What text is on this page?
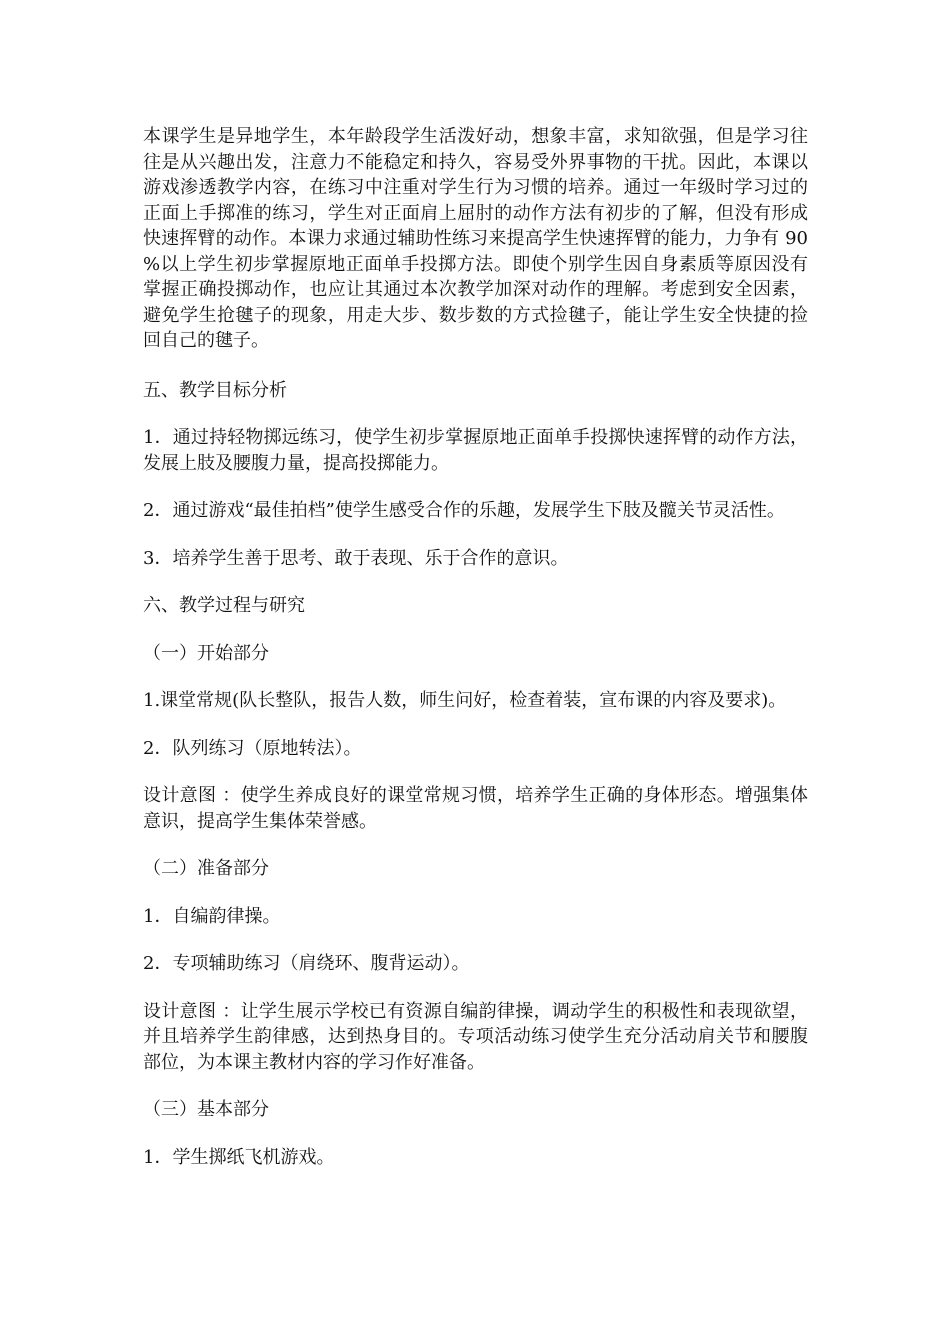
本课学生是异地学生，本年龄段学生活泼好动，想象丰富，求知欲强，但是学习往往是从兴趣出发，注意力不能稳定和持久，容易受外界事物的干扰。因此，本课以游戏渗透教学内容，在练习中注重对学生行为习惯的培养。通过一年级时学习过的正面上手掷准的练习，学生对正面肩上屈肘的动作方法有初步的了解，但没有形成快速挥臂的动作。本课力求通过辅助性练习来提高学生快速挥臂的能力，力争有 90 %以上学生初步掌握原地正面单手投掷方法。即使个别学生因自身素质等原因没有掌握正确投掷动作，也应让其通过本次教学加深对动作的理解。考虑到安全因素，避免学生抢毽子的现象，用走大步、数步数的方式捡毽子，能让学生安全快捷的捡回自己的毽子。

五、教学目标分析

1．通过持轻物掷远练习，使学生初步掌握原地正面单手投掷快速挥臂的动作方法，发展上肢及腰腹力量，提高投掷能力。

2．通过游戏“最佳拍档”使学生感受合作的乐趣，发展学生下肢及髋关节灵活性。

3．培养学生善于思考、敢于表现、乐于合作的意识。

六、教学过程与研究

（一）开始部分

1.课堂常规(队长整队，报告人数，师生问好，检查着装，宣布课的内容及要求)。

2．队列练习（原地转法）。

设计意图 ：使学生养成良好的课堂常规习惯，培养学生正确的身体形态。增强集体意识，提高学生集体荣誉感。

（二）准备部分

1．自编韵律操。

2．专项辅助练习（肩绕环、腹背运动）。

设计意图 ：让学生展示学校已有资源自编韵律操，调动学生的积极性和表现欲望，并且培养学生韵律感，达到热身目的。专项活动练习使学生充分活动肩关节和腰腹部位，为本课主教材内容的学习作好准备。

（三）基本部分

1．学生掷纸飞机游戏。
